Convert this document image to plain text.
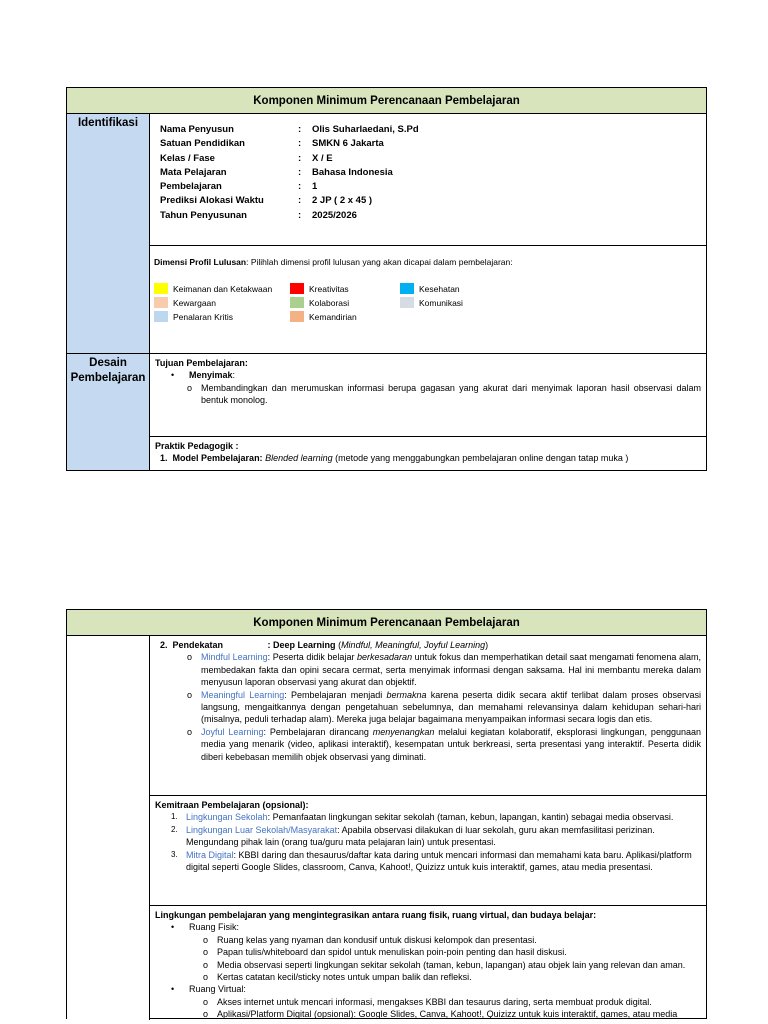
Komponen Minimum Perencanaan Pembelajaran
Identifikasi
Nama Penyusun	:	Olis Suharlaedani, S.Pd
Satuan Pendidikan	:	SMKN 6 Jakarta
Kelas / Fase	:	X / E
Mata Pelajaran	:	Bahasa Indonesia
Pembelajaran	:	1
Prediksi Alokasi Waktu	:	2 JP ( 2 x 45 )
Tahun Penyusunan	:	2025/2026
Dimensi Profil Lulusan: Pilihlah dimensi profil lulusan yang akan dicapai dalam pembelajaran:
Keimanan dan Ketakwaan	Kreativitas	Kesehatan
Kewargaan	Kolaborasi	Komunikasi
Penalaran Kritis	Kemandirian
Desain Pembelajaran
Tujuan Pembelajaran:
•	Menyimak:
o Membandingkan dan merumuskan informasi berupa gagasan yang akurat dari menyimak laporan hasil observasi dalam bentuk monolog.
Praktik Pedagogik :
1. Model Pembelajaran: Blended learning (metode yang menggabungkan pembelajaran online dengan tatap muka )
Komponen Minimum Perencanaan Pembelajaran
2. Pendekatan	: Deep Learning (Mindful, Meaningful, Joyful Learning)
o Mindful Learning: Peserta didik belajar berkesadaran untuk fokus dan memperhatikan detail saat mengamati fenomena alam, membedakan fakta dan opini secara cermat, serta menyimak informasi dengan saksama. Hal ini membantu mereka dalam menyusun laporan observasi yang akurat dan objektif.
o Meaningful Learning: Pembelajaran menjadi bermakna karena peserta didik secara aktif terlibat dalam proses observasi langsung, mengaitkannya dengan pengetahuan sebelumnya, dan memahami relevansinya dalam kehidupan sehari-hari (misalnya, peduli terhadap alam). Mereka juga belajar bagaimana menyampaikan informasi secara logis dan etis.
o Joyful Learning: Pembelajaran dirancang menyenangkan melalui kegiatan kolaboratif, eksplorasi lingkungan, penggunaan media yang menarik (video, aplikasi interaktif), kesempatan untuk berkreasi, serta presentasi yang interaktif. Peserta didik diberi kebebasan memilih objek observasi yang diminati.
Kemitraan Pembelajaran (opsional):
1. Lingkungan Sekolah: Pemanfaatan lingkungan sekitar sekolah (taman, kebun, lapangan, kantin) sebagai media observasi.
2. Lingkungan Luar Sekolah/Masyarakat: Apabila observasi dilakukan di luar sekolah, guru akan memfasilitasi perizinan. Mengundang pihak lain (orang tua/guru mata pelajaran lain) untuk presentasi.
3. Mitra Digital: KBBI daring dan thesaurus/daftar kata daring untuk mencari informasi dan memahami kata baru. Aplikasi/platform digital seperti Google Slides, classroom, Canva, Kahoot!, Quizizz untuk kuis interaktif, games, atau media presentasi.
Lingkungan pembelajaran yang mengintegrasikan antara ruang fisik, ruang virtual, dan budaya belajar:
•	Ruang Fisik:
o Ruang kelas yang nyaman dan kondusif untuk diskusi kelompok dan presentasi.
o Papan tulis/whiteboard dan spidol untuk menuliskan poin-poin penting dan hasil diskusi.
o Media observasi seperti lingkungan sekitar sekolah (taman, kebun, lapangan) atau objek lain yang relevan dan aman.
o Kertas catatan kecil/sticky notes untuk umpan balik dan refleksi.
•	Ruang Virtual:
o Akses internet untuk mencari informasi, mengakses KBBI dan tesaurus daring, serta membuat produk digital.
o Aplikasi/Platform Digital (opsional): Google Slides, Canva, Kahoot!, Quizizz untuk kuis interaktif, games, atau media
